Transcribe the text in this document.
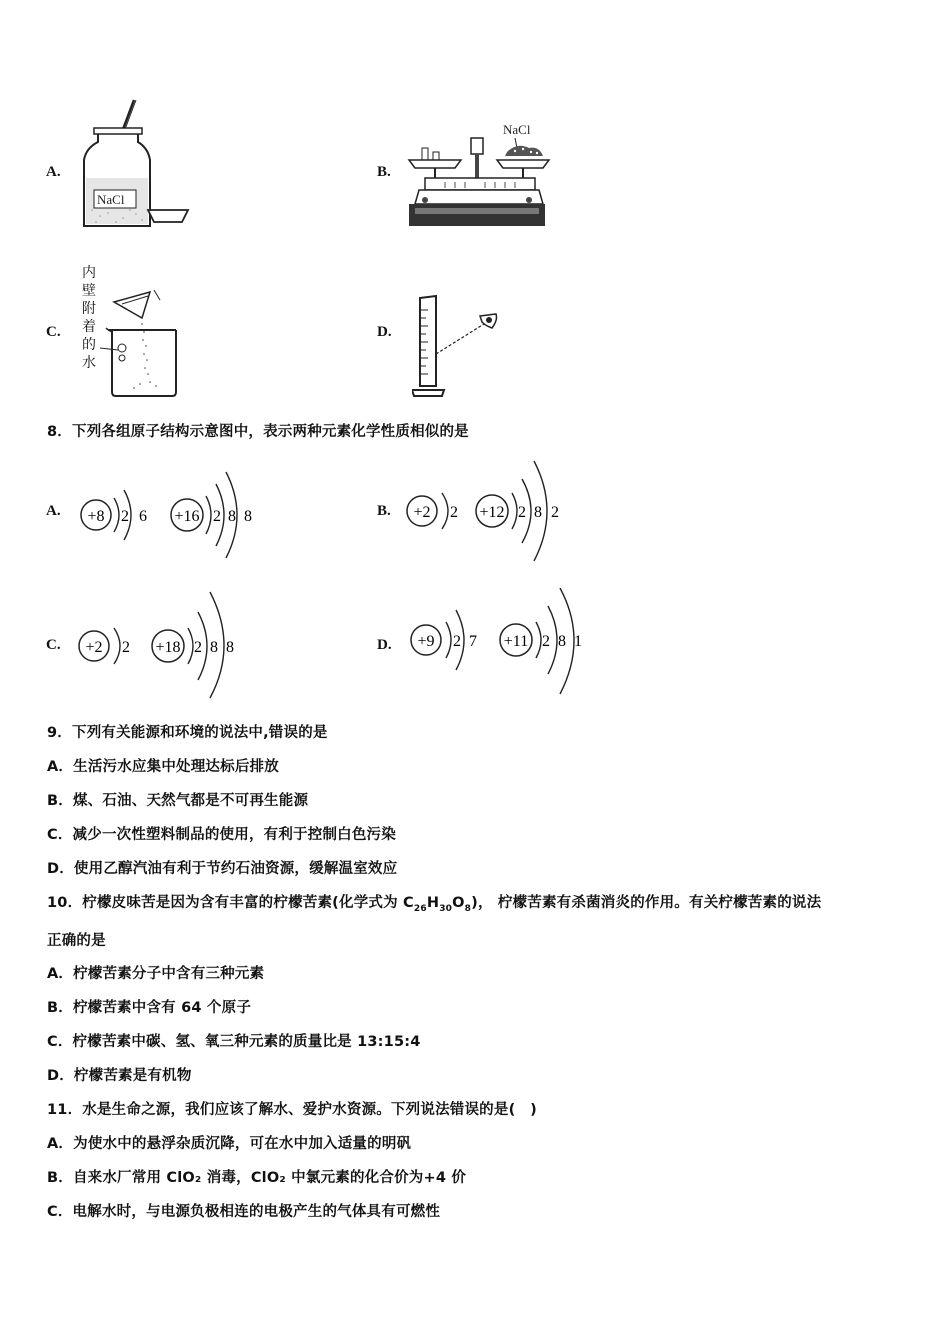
A.
NaCl
B.
NaCl
C.
内
壁
附
着
的
水
D.
8．下列各组原子结构示意图中，表示两种元素化学性质相似的是
A. +8 2 6 +16 2 8 8	B. +2 2 +12 2 8 2
C. +2 2 +18 2 8 8	D. +9 2 7 +11 2 8 1
9．下列有关能源和环境的说法中,错误的是
A．生活污水应集中处理达标后排放
B．煤、石油、天然气都是不可再生能源
C．减少一次性塑料制品的使用，有利于控制白色污染
D．使用乙醇汽油有利于节约石油资源，缓解温室效应
10．柠檬皮味苦是因为含有丰富的柠檬苦素(化学式为 $C_{26}H_{30}O_8$)， 柠檬苦素有杀菌消炎的作用。有关柠檬苦素的说法
正确的是
A．柠檬苦素分子中含有三种元素
B．柠檬苦素中含有 64 个原子
C．柠檬苦素中碳、氢、氧三种元素的质量比是 13:15:4
D．柠檬苦素是有机物
11．水是生命之源，我们应该了解水、爱护水资源。下列说法错误的是(　)
A．为使水中的悬浮杂质沉降，可在水中加入适量的明矾
B．自来水厂常用 ClO₂ 消毒，ClO₂ 中氯元素的化合价为+4 价
C．电解水时，与电源负极相连的电极产生的气体具有可燃性
